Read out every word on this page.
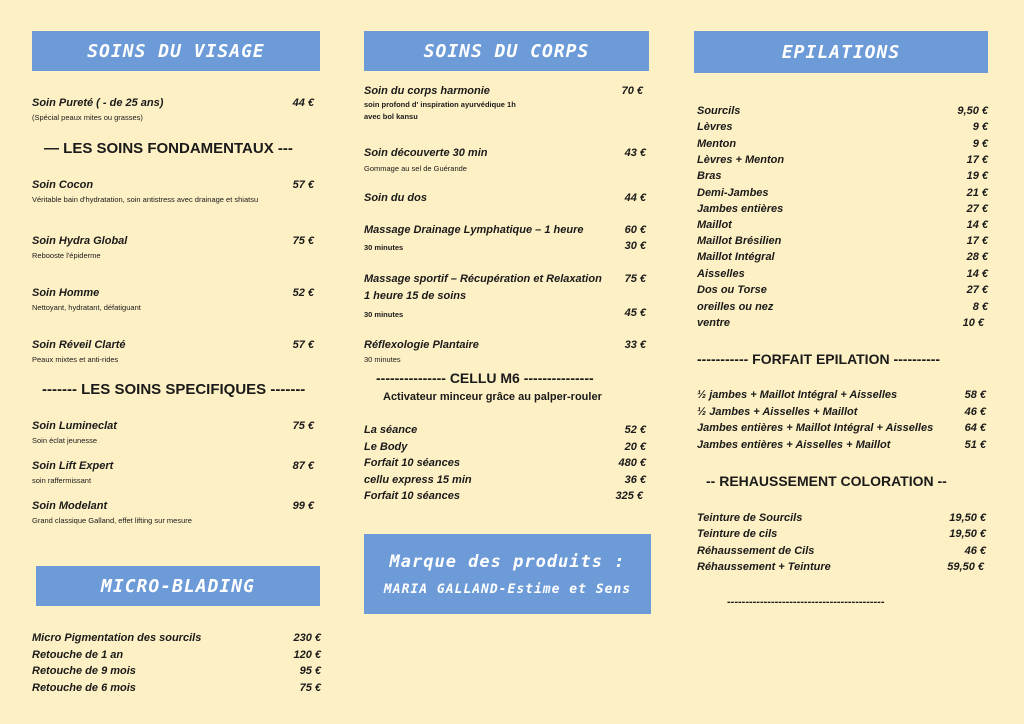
SOINS DU VISAGE
Soin Pureté ( - de 25 ans)	44 €
(Spécial peaux mites ou grasses)
— LES SOINS FONDAMENTAUX ---
Soin Cocon	57 €
Véritable bain d'hydratation, soin antistress avec drainage et shiatsu
Soin Hydra Global	75 €
Rebooste l'épiderme
Soin Homme	52 €
Nettoyant, hydratant, défatiguant
Soin Réveil Clarté	57 €
Peaux mixtes et anti-rides
------- LES SOINS SPECIFIQUES -------
Soin Lumineclat	75 €
Soin éclat jeunesse
Soin Lift Expert	87 €
soin raffermissant
Soin Modelant	99 €
Grand classique Galland, effet lifting sur mesure
MICRO-BLADING
Micro Pigmentation des sourcils	230 €
Retouche de 1 an	120 €
Retouche de 9 mois	95 €
Retouche de 6 mois	75 €
SOINS DU CORPS
Soin du corps harmonie	70 €
soin profond d' inspiration ayurvédique 1h
avec bol kansu
Soin découverte 30 min	43 €
Gommage au sel de Guérande
Soin du dos	44 €
Massage Drainage Lymphatique – 1 heure	60 €
30 minutes	30 €
Massage sportif – Récupération et Relaxation 75 €
1 heure 15 de soins
30 minutes	45 €
Réflexologie Plantaire	33 €
30 minutes
--------------- CELLU M6 ---------------
Activateur minceur grâce au palper-rouler
La séance	52 €
Le Body	20 €
Forfait 10 séances	480 €
cellu express 15 min	36 €
Forfait 10 séances	325 €
Marque des produits :
MARIA GALLAND-Estime et Sens
EPILATIONS
Sourcils	9,50 €
Lèvres	9 €
Menton	9 €
Lèvres + Menton	17 €
Bras	19 €
Demi-Jambes	21 €
Jambes entières	27 €
Maillot	14 €
Maillot Brésilien	17 €
Maillot Intégral	28 €
Aisselles	14 €
Dos ou Torse	27 €
oreilles ou nez	8 €
ventre	10 €
----------- FORFAIT EPILATION ----------
½ jambes + Maillot Intégral + Aisselles	58 €
½ Jambes + Aisselles + Maillot	46 €
Jambes entières + Maillot Intégral + Aisselles	64 €
Jambes entières + Aisselles + Maillot	51 €
-- REHAUSSEMENT COLORATION --
Teinture de Sourcils	19,50 €
Teinture de cils	19,50 €
Réhaussement de Cils	46 €
Réhaussement + Teinture	59,50 €
-------------------------------------------
